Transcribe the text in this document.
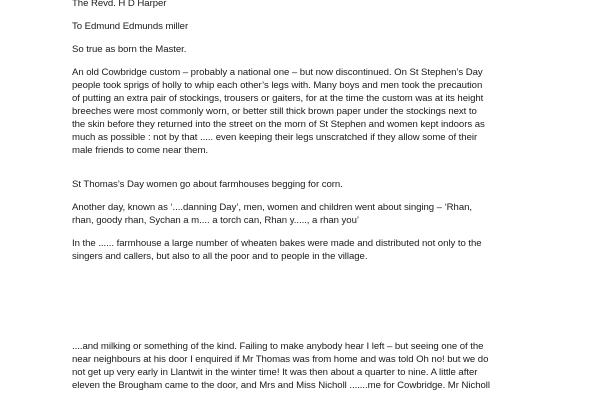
The Revd. H D Harper

To Edmund Edmunds miller

So true as born the Master.

An old Cowbridge custom – probably a national one – but now discontinued. On St Stephen’s Day

people took sprigs of holly to whip each other’s legs with. Many boys and men took the precaution

of putting an extra pair of stockings, trousers or gaiters, for at the time the custom was at its height

breeches were most commonly worn, or better still thick brown paper under the stockings next to

the skin before they returned into the street on the morn of St Stephen and women kept indoors as

much as possible : not by that ..... even keeping their legs unscratched if they allow some of their

male friends to come near them.

St Thomas’s Day women go about farmhouses begging for corn.

Another day, known as ‘....danning Day’, men, women and children went about singing – ‘Rhan,

rhan, goody rhan, Sychan a m.... a torch can, Rhan y....., a rhan you’

In the ...... farmhouse a large number of wheaten bakes were made and distributed not only to the

singers and callers, but also to all the poor and to people in the village.

....and milking or something of the kind. Failing to make anybody hear I left – but seeing one of the

near neighbours at his door I enquired if Mr Thomas was from home and was told Oh no! but we do

not get up very early in Llantwit in the winter time! It was then about a quarter to nine. A little after

eleven the Brougham came to the door, and Mrs and Miss Nicholl .......me for Cowbridge. Mr Nicholl
